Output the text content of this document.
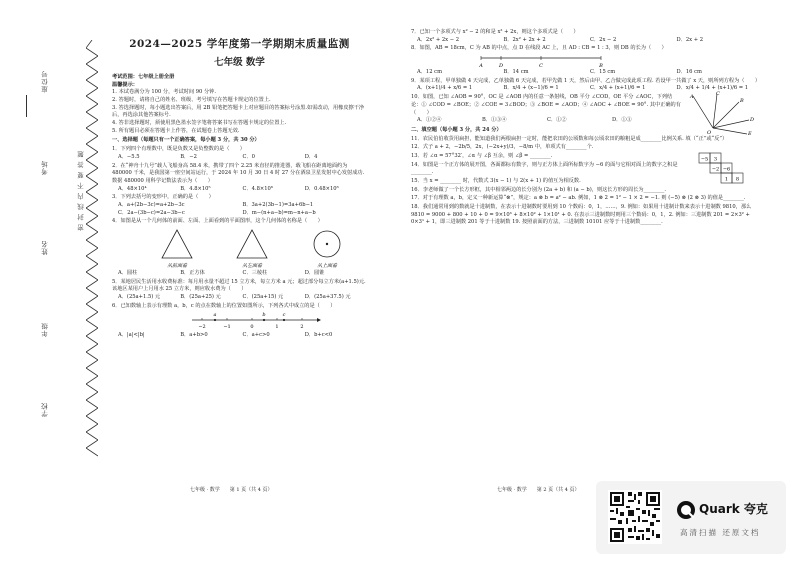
座位号
考场
姓名
年级
学校
密 封 线 内 不 要 答 题
2024—2025 学年度第一学期期末质量监测
七年级 数学
考试范围：七年级上册全册
温馨提示：
1. 本试卷满分为 100 分，考试时间 90 分钟.
2. 答题时，请将自己的姓名、班级、考号填写在答题卡规定的位置上.
3. 答选择题时，每小题选出答案后，用 2B 铅笔把答题卡上对应题目的答案标号涂黑.如需改动，用橡皮擦干净后，再选涂其他答案标号.
4. 答非选择题时，须使用黑色墨水签字笔将答案书写在答题卡规定的位置上.
5. 所有题目必须在答题卡上作答，在试题卷上答题无效.
一、选择题（每题只有一个正确答案，每小题 3 分，共 30 分）
1．下列四个有理数中，既是负数又是负整数的是（　　）
A．−5.5	B．−2	C．0	D．4
2．在“神舟十九号”载人飞船身高 58.4 米，携带了四个 2.25 米直径的推进器，载飞船在距离地面约为 480000 千米，是我国第一座空间站运行，于 2024 年 10 月 30 日 4 时 27 分在酒泉卫星发射中心发射成功. 数据 480000 用科学记数法表示为（　　）
A．48×10⁴	B．4.8×10⁵	C．4.8×10⁶	D．0.48×10⁶
3．下列去括号的变形中，正确的是（　　）
A．a+(2b−3c)=a+2b−3c	B．3a+2(3b−1)=3a+6b−1
C．2a−(3b−c)=2a−3b−c	D．m−(n+a−b)=m−n+a−b
4．如图是从一个几何体的前面、左面、上面看到的平面图形，这个几何体的名称是（　　）
从前面看	从左面看	从上面看
A．圆柱	B．正方体	C．三棱柱	D．圆锥
5．某地居民生活用水收费标准：每月用水量不超过 15 立方米，每立方米 a 元；超过部分每立方米(a+1.5)元. 该地区某用户上月用水 25 立方米，则应收水费为（　　）
A．(25a+1.5) 元	B．(25a+25) 元	C．(25a+15) 元	D．(25a+37.5) 元
6．已知数轴上表示有理数 a，b，c 的点在数轴上的位置如图所示，下列各式中成立的是（　　）
−2	−1	0	1	2
a	b	c
A．|a|<|b|	B．a+b>0	C．a+c>0	D．b+c<0
七年级 · 数学　　第 1 页（共 4 页）
7．已知一个多项式与 x² − 2 的和是 x² + 2x，则这个多项式是（　　）
A．2x² + 2x − 2	B．2x² + 2x + 2	C．2x − 2	D．2x + 2
8．如图，AB = 18cm，C 为 AB 的中点，点 D 在线段 AC 上，且 AD : CB = 1 : 3，则 DB 的长为（　　）
A	D	C	B
A．12 cm	B．14 cm	C．15 cm	D．16 cm
9．某项工程，甲单独做 4 天完成，乙单独做 6 天完成，若甲先做 1 天，然后由甲、乙合做完成此项工程. 若设甲一共做了 x 天，则所列方程为（　　）
A．(x+1)/4 + x/6 = 1	B．x/4 + (x−1)/6 = 1	C．x/4 + (x+1)/6 = 1	D．x/4 + 1/4 + (x+1)/6 = 1
10．如图，已知 ∠AOB = 90°，OC 是 ∠AOB 内的任意一条射线，OB 平分 ∠COD，OE 平分 ∠AOC，下列结论：① ∠COD = ∠BOE；② ∠COE = 3∠BOD；③ ∠BOE = ∠AOD；④ ∠AOC + ∠BOE = 90°. 其中正确的有（　　）
A．①②④	B．①③④	C．①②	D．①③
A	C
B
D
E
O
二、填空题（每小题 3 分，共 24 分）
11．农民伯伯收货用扁担，能知道我们两根扁担一定时，能把农田的公顷数和每公顷农田的粮粗是成________比例关系. 填（“正”或“反”）
12．式子 a + 2，−2b/5，2x，(−2x+y)/3，−8/m 中，单项式有________个.
13．若 ∠α = 57°32′，∠α 与 ∠β 互余，则 ∠β = ________.
14．如图是一个正方体的展开图，各面都标有数字，则与正方体上面所标数字为 −6 的面与它相对面上的数字之积是________.
15．当 x = ________ 时，代数式 3(x − 1) 与 2(x + 1) 的值互为相反数.
−5 3
−2 −6
1 8
16．李老师做了一个长方形框，其中相邻两边的长分别为 (2a + b) 和 (a − b)，则这长方形的周长为________.
17．对于有理数 a，b，定义一种新运算“⊗”，规定：a ⊗ b = a² − ab. 例如，1 ⊗ 2 = 1² − 1 × 2 = −1. 则 (−5) ⊗ (2 ⊗ 3) 的值是________.
18．我们通常用到的数就是十进制数，在表示十进制数时要用到 10 个数码：0，1，……，9. 例如：如果用十进制计数来表示十进制数 9810，那么 9810 = 9000 + 800 + 10 + 0 = 9×10³ + 8×10² + 1×10¹ + 0. 在表示三进制数时则用三个数码：0，1，2. 例如：三进制数 201 = 2×3² + 0×3¹ + 1，即三进制数 201 等于十进制数 19. 按照前面的方法，三进制数 10101 应等于十进制数________.
七年级 · 数学　　第 2 页（共 4 页）
Quark 夸克
高清扫描 还原文档
